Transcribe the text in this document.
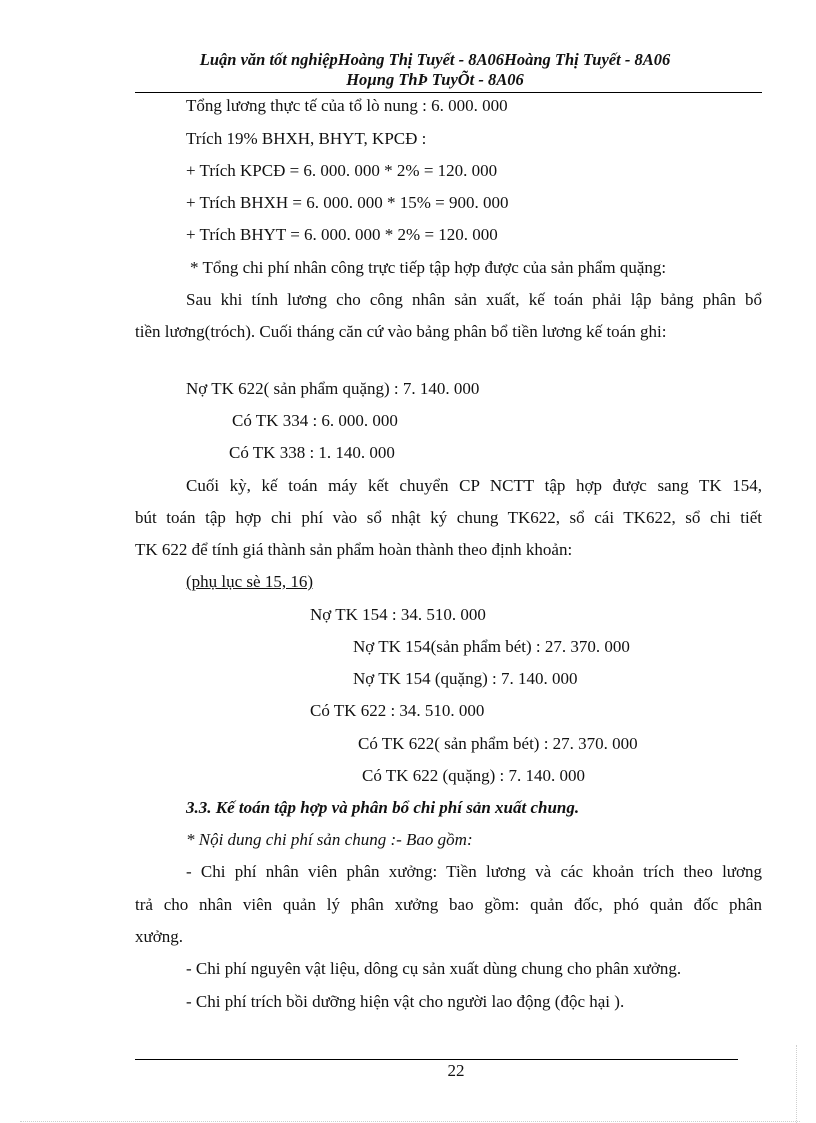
Luận văn tốt nghiệpHoàng Thị Tuyết - 8A06Hoàng Thị Tuyết - 8A06
Hoµng ThÞ TuyÕt - 8A06
Tổng lương thực tế của tổ lò nung : 6. 000. 000
Trích 19% BHXH, BHYT, KPCĐ :
+ Trích KPCĐ = 6. 000. 000 * 2% = 120. 000
+ Trích BHXH = 6. 000. 000 * 15% = 900. 000
+ Trích BHYT = 6. 000. 000 * 2% = 120. 000
* Tổng chi phí nhân công trực tiếp tập hợp được của sản phẩm quặng:
Sau khi tính lương cho công nhân sản xuất, kế toán phải lập bảng phân bổ
tiền lương(tróch). Cuối tháng căn cứ vào bảng phân bổ tiền lương kế toán ghi:
Nợ TK 622( sản phẩm quặng) : 7. 140. 000
Có TK 334 : 6. 000. 000
Có TK 338 : 1. 140. 000
Cuối kỳ, kế toán máy kết chuyển CP NCTT tập hợp được sang TK 154,
bút toán tập hợp chi phí vào sổ nhật ký chung TK622, sổ cái TK622, sổ chi tiết
TK 622 để tính giá thành sản phẩm hoàn thành theo định khoản:
(phụ lục sè 15, 16)
Nợ TK 154 : 34. 510. 000
Nợ TK 154(sản phẩm bét) : 27. 370. 000
Nợ TK 154 (quặng) : 7. 140. 000
Có TK 622 : 34. 510. 000
Có TK 622( sản phẩm bét) : 27. 370. 000
Có TK 622 (quặng) : 7. 140. 000
3.3. Kế toán tập hợp và phân bổ chi phí sản xuất chung.
* Nội dung chi phí sản chung :- Bao gồm:
- Chi phí nhân viên phân xưởng: Tiền lương và các khoản trích theo lương
trả cho nhân viên quản lý phân xưởng bao gồm: quản đốc, phó quản đốc phân
xưởng.
- Chi phí nguyên vật liệu, dông cụ sản xuất dùng chung cho phân xưởng.
- Chi phí trích bồi dưỡng hiện vật cho người lao động (độc hại ).
22
